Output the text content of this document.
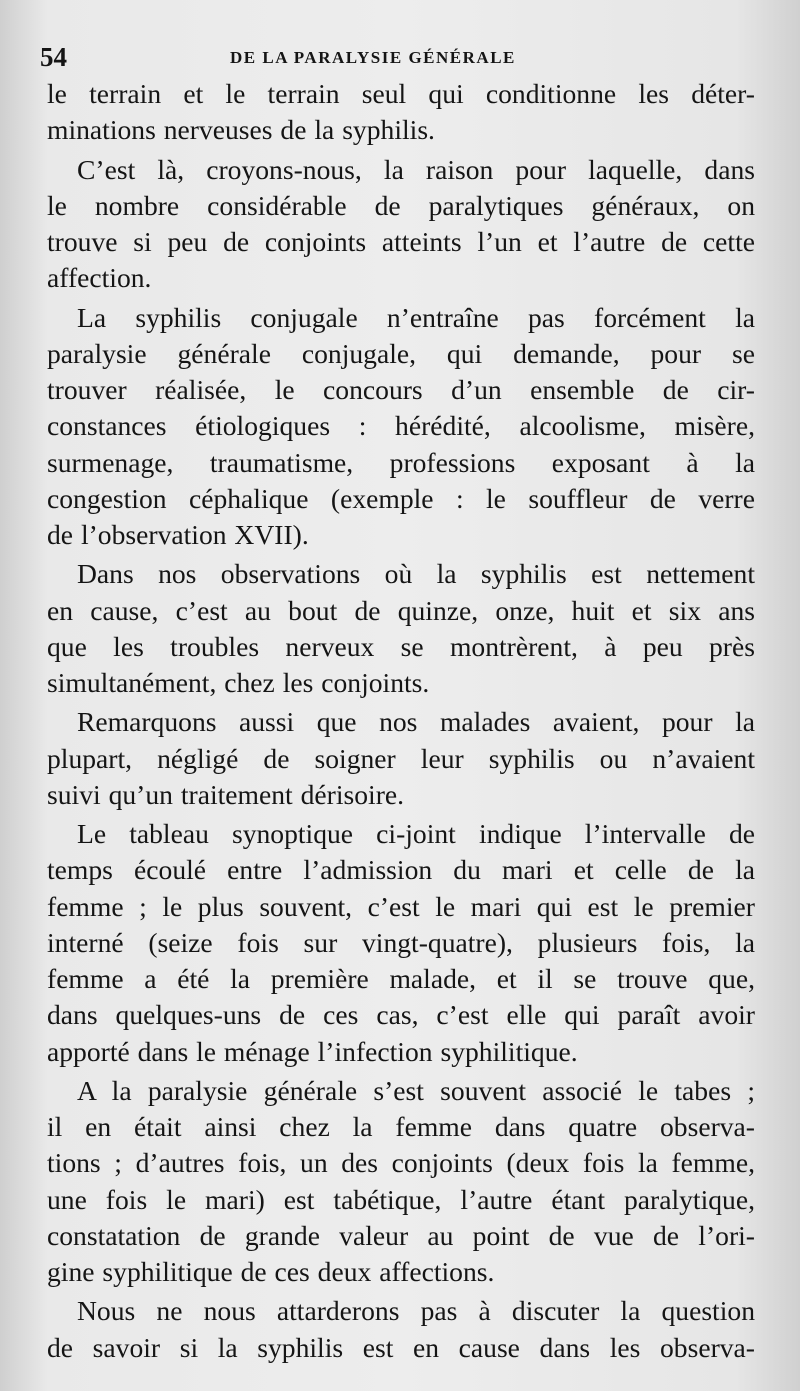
54	DE LA PARALYSIE GÉNÉRALE

le terrain et le terrain seul qui conditionne les déter-

minations nerveuses de la syphilis.

C’est là, croyons-nous, la raison pour laquelle, dans

le nombre considérable de paralytiques généraux, on

trouve si peu de conjoints atteints l’un et l’autre de cette

affection.

La syphilis conjugale n’entraîne pas forcément la

paralysie générale conjugale, qui demande, pour se

trouver réalisée, le concours d’un ensemble de cir-

constances étiologiques : hérédité, alcoolisme, misère,

surmenage, traumatisme, professions exposant à la

congestion céphalique (exemple : le souffleur de verre

de l’observation XVII).

Dans nos observations où la syphilis est nettement

en cause, c’est au bout de quinze, onze, huit et six ans

que les troubles nerveux se montrèrent, à peu près

simultanément, chez les conjoints.

Remarquons aussi que nos malades avaient, pour la

plupart, négligé de soigner leur syphilis ou n’avaient

suivi qu’un traitement dérisoire.

Le tableau synoptique ci-joint indique l’intervalle de

temps écoulé entre l’admission du mari et celle de la

femme ; le plus souvent, c’est le mari qui est le premier

interné (seize fois sur vingt-quatre), plusieurs fois, la

femme a été la première malade, et il se trouve que,

dans quelques-uns de ces cas, c’est elle qui paraît avoir

apporté dans le ménage l’infection syphilitique.

A la paralysie générale s’est souvent associé le tabes ;

il en était ainsi chez la femme dans quatre observa-

tions ; d’autres fois, un des conjoints (deux fois la femme,

une fois le mari) est tabétique, l’autre étant paralytique,

constatation de grande valeur au point de vue de l’ori-

gine syphilitique de ces deux affections.

Nous ne nous attarderons pas à discuter la question

de savoir si la syphilis est en cause dans les observa-
